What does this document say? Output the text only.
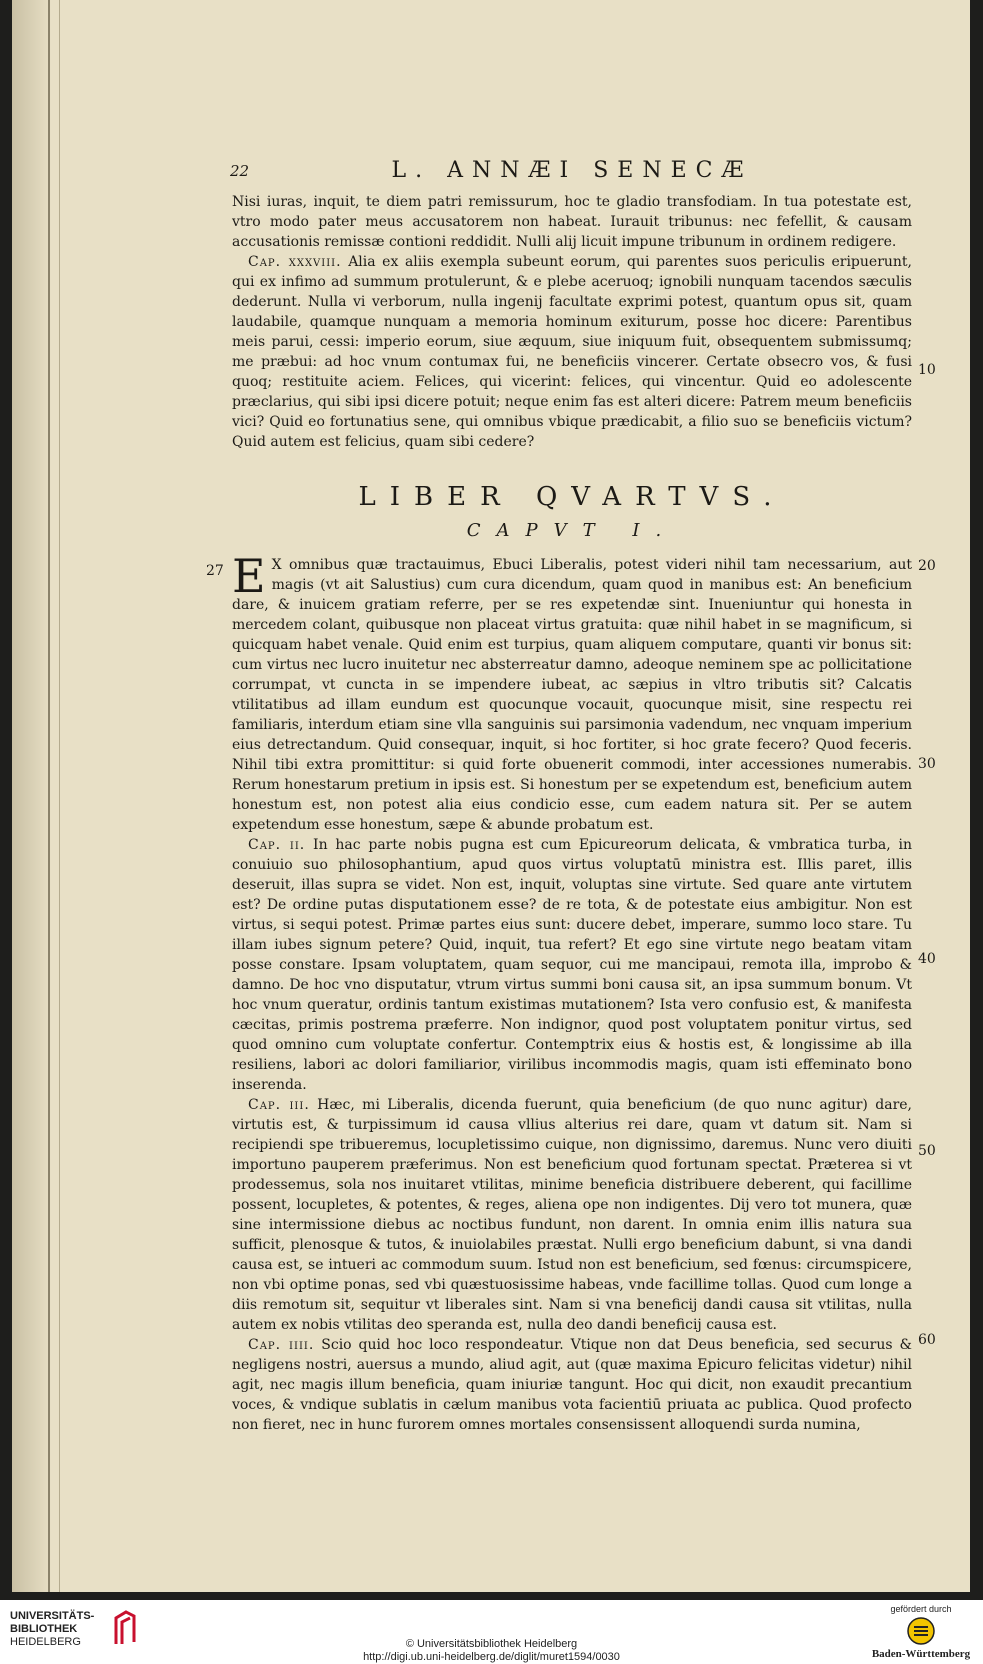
22	L. ANNÆI SENECÆ

Nisi iuras, inquit, te diem patri remissurum, hoc te gladio transfodiam. In tua potestate est, vtro modo pater meus accusatorem non habeat. Iurauit tribunus: nec fefellit, & causam accusationis remissæ contioni reddidit. Nulli alij licuit impune tribunum in ordinem redigere.

Cap. xxxviii. Alia ex aliis exempla subeunt eorum, qui parentes suos periculis eripuerunt, qui ex infimo ad summum protulerunt, & e plebe aceruoq; ignobili nunquam tacendos sæculis dederunt. Nulla vi verborum, nulla ingenij facultate exprimi potest, quantum opus sit, quam laudabile, quamque nunquam a memoria hominum exiturum, posse hoc dicere: Parentibus meis parui, cessi: imperio eorum, siue æquum, siue iniquum fuit, obsequentem submissumq; me præbui: ad hoc vnum contumax fui, ne beneficiis vincerer. Certate obsecro vos, & fusi quoq; restituite aciem. Felices, qui vicerint: felices, qui vincentur. Quid eo adolescente præclarius, qui sibi ipsi dicere potuit; neque enim fas est alteri dicere: Patrem meum beneficiis vici? Quid eo fortunatius sene, qui omnibus vbique prædicabit, a filio suo se beneficiis victum? Quid autem est felicius, quam sibi cedere?

LIBER QVARTVS.
CAPVT I.

E X omnibus quæ tractauimus, Ebuci Liberalis, potest videri nihil tam necessarium, aut magis (vt ait Salustius) cum cura dicendum, quam quod in manibus est: An beneficium dare, & inuicem gratiam referre, per se res expetendæ sint. Inueniuntur qui honesta in mercedem colant, quibusque non placeat virtus gratuita: quæ nihil habet in se magnificum, si quicquam habet venale. Quid enim est turpius, quam aliquem computare, quanti vir bonus sit: cum virtus nec lucro inuitetur nec absterreatur damno, adeoque neminem spe ac pollicitatione corrumpat, vt cuncta in se impendere iubeat, ac sæpius in vltro tributis sit? Calcatis vtilitatibus ad illam eundum est quocunque vocauit, quocunque misit, sine respectu rei familiaris, interdum etiam sine vlla sanguinis sui parsimonia vadendum, nec vnquam imperium eius detrectandum. Quid consequar, inquit, si hoc fortiter, si hoc grate fecero? Quod feceris. Nihil tibi extra promittitur: si quid forte obuenerit commodi, inter accessiones numerabis. Rerum honestarum pretium in ipsis est. Si honestum per se expetendum est, beneficium autem honestum est, non potest alia eius condicio esse, cum eadem natura sit. Per se autem expetendum esse honestum, sæpe & abunde probatum est.

Cap. ii. In hac parte nobis pugna est cum Epicureorum delicata, & vmbratica turba, in conuiuio suo philosophantium, apud quos virtus voluptatū ministra est. Illis paret, illis deseruit, illas supra se videt. Non est, inquit, voluptas sine virtute. Sed quare ante virtutem est? De ordine putas disputationem esse? de re tota, & de potestate eius ambigitur. Non est virtus, si sequi potest. Primæ partes eius sunt: ducere debet, imperare, summo loco stare. Tu illam iubes signum petere? Quid, inquit, tua refert? Et ego sine virtute nego beatam vitam posse constare. Ipsam voluptatem, quam sequor, cui me mancipaui, remota illa, improbo & damno. De hoc vno disputatur, vtrum virtus summi boni causa sit, an ipsa summum bonum. Vt hoc vnum queratur, ordinis tantum existimas mutationem? Ista vero confusio est, & manifesta cæcitas, primis postrema præferre. Non indignor, quod post voluptatem ponitur virtus, sed quod omnino cum voluptate confertur. Contemptrix eius & hostis est, & longissime ab illa resiliens, labori ac dolori familiarior, virilibus incommodis magis, quam isti effeminato bono inserenda.

Cap. iii. Hæc, mi Liberalis, dicenda fuerunt, quia beneficium (de quo nunc agitur) dare, virtutis est, & turpissimum id causa vllius alterius rei dare, quam vt datum sit. Nam si recipiendi spe tribueremus, locupletissimo cuique, non dignissimo, daremus. Nunc vero diuiti importuno pauperem præferimus. Non est beneficium quod fortunam spectat. Præterea si vt prodessemus, sola nos inuitaret vtilitas, minime beneficia distribuere deberent, qui facillime possent, locupletes, & potentes, & reges, aliena ope non indigentes. Dij vero tot munera, quæ sine intermissione diebus ac noctibus fundunt, non darent. In omnia enim illis natura sua sufficit, plenosque & tutos, & inuiolabiles præstat. Nulli ergo beneficium dabunt, si vna dandi causa est, se intueri ac commodum suum. Istud non est beneficium, sed fœnus: circumspicere, non vbi optime ponas, sed vbi quæstuosissime habeas, vnde facillime tollas. Quod cum longe a diis remotum sit, sequitur vt liberales sint. Nam si vna beneficij dandi causa sit vtilitas, nulla autem ex nobis vtilitas deo speranda est, nulla deo dandi beneficij causa est.

Cap. iiii. Scio quid hoc loco respondeatur. Vtique non dat Deus beneficia, sed securus & negligens nostri, auersus a mundo, aliud agit, aut (quæ maxima Epicuro felicitas videtur) nihil agit, nec magis illum beneficia, quam iniuriæ tangunt. Hoc qui dicit, non exaudit precantium voces, & vndique sublatis in cælum manibus vota facientiū priuata ac publica. Quod profecto non fieret, nec in hunc furorem omnes mortales consensissent alloquendi surda numina,

27
10
20
30
40
50
60
UNIVERSITÄTS-
BIBLIOTHEK
HEIDELBERG	© Universitätsbibliothek Heidelberg
http://digi.ub.uni-heidelberg.de/diglit/muret1594/0030
gefördert durch
Baden-Württemberg
